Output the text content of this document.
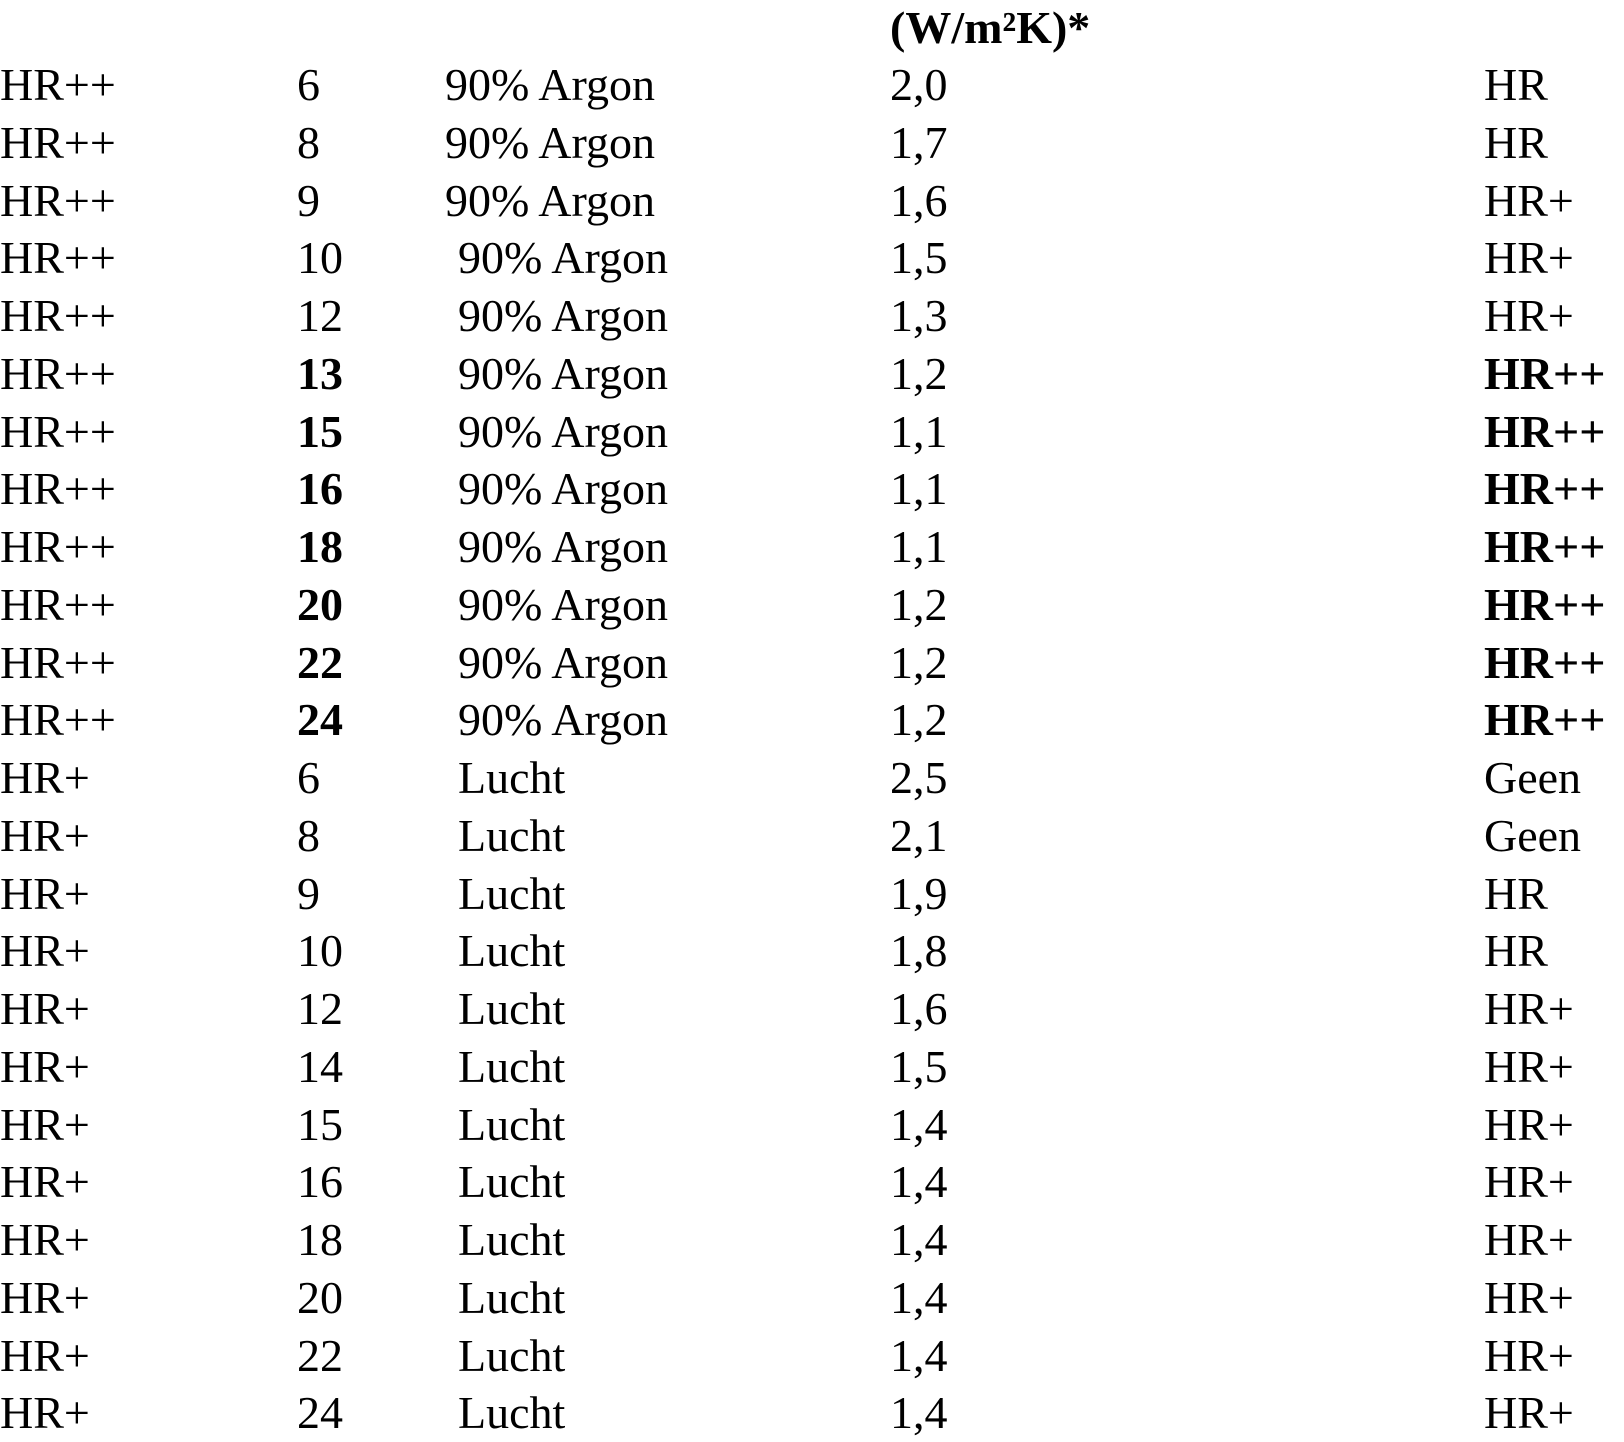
(W/m²K)*
HR++	6	90% Argon	2,0	HR
HR++	8	90% Argon	1,7	HR
HR++	9	90% Argon	1,6	HR+
HR++	10	90% Argon	1,5	HR+
HR++	12	90% Argon	1,3	HR+
HR++	13	90% Argon	1,2	HR++
HR++	15	90% Argon	1,1	HR++
HR++	16	90% Argon	1,1	HR++
HR++	18	90% Argon	1,1	HR++
HR++	20	90% Argon	1,2	HR++
HR++	22	90% Argon	1,2	HR++
HR++	24	90% Argon	1,2	HR++
HR+	6	Lucht	2,5	Geen
HR+	8	Lucht	2,1	Geen
HR+	9	Lucht	1,9	HR
HR+	10	Lucht	1,8	HR
HR+	12	Lucht	1,6	HR+
HR+	14	Lucht	1,5	HR+
HR+	15	Lucht	1,4	HR+
HR+	16	Lucht	1,4	HR+
HR+	18	Lucht	1,4	HR+
HR+	20	Lucht	1,4	HR+
HR+	22	Lucht	1,4	HR+
HR+	24	Lucht	1,4	HR+
